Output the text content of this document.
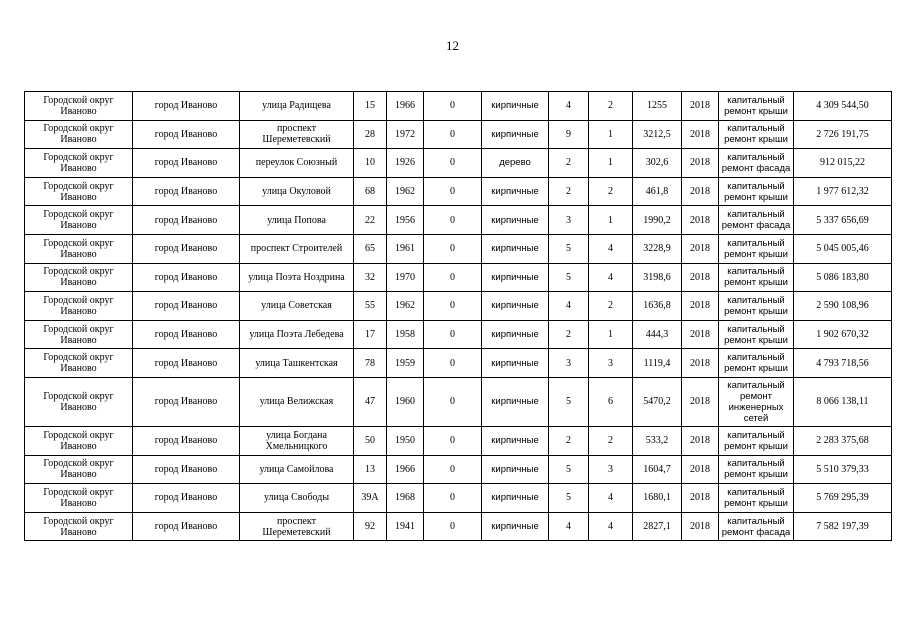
12
Городской округ Иваново	город Иваново	улица Радищева	15	1966	0	кирпичные	4	2	1255	2018	капитальный ремонт крыши	4 309 544,50
Городской округ Иваново	город Иваново	проспект Шереметевский	28	1972	0	кирпичные	9	1	3212,5	2018	капитальный ремонт крыши	2 726 191,75
Городской округ Иваново	город Иваново	переулок Союзный	10	1926	0	дерево	2	1	302,6	2018	капитальный ремонт фасада	912 015,22
Городской округ Иваново	город Иваново	улица Окуловой	68	1962	0	кирпичные	2	2	461,8	2018	капитальный ремонт крыши	1 977 612,32
Городской округ Иваново	город Иваново	улица Попова	22	1956	0	кирпичные	3	1	1990,2	2018	капитальный ремонт фасада	5 337 656,69
Городской округ Иваново	город Иваново	проспект Строителей	65	1961	0	кирпичные	5	4	3228,9	2018	капитальный ремонт крыши	5 045 005,46
Городской округ Иваново	город Иваново	улица Поэта Ноздрина	32	1970	0	кирпичные	5	4	3198,6	2018	капитальный ремонт крыши	5 086 183,80
Городской округ Иваново	город Иваново	улица Советская	55	1962	0	кирпичные	4	2	1636,8	2018	капитальный ремонт крыши	2 590 108,96
Городской округ Иваново	город Иваново	улица Поэта Лебедева	17	1958	0	кирпичные	2	1	444,3	2018	капитальный ремонт крыши	1 902 670,32
Городской округ Иваново	город Иваново	улица Ташкентская	78	1959	0	кирпичные	3	3	1119,4	2018	капитальный ремонт крыши	4 793 718,56
Городской округ Иваново	город Иваново	улица Велижская	47	1960	0	кирпичные	5	6	5470,2	2018	капитальный ремонт инженерных сетей	8 066 138,11
Городской округ Иваново	город Иваново	улица Богдана Хмельницкого	50	1950	0	кирпичные	2	2	533,2	2018	капитальный ремонт крыши	2 283 375,68
Городской округ Иваново	город Иваново	улица Самойлова	13	1966	0	кирпичные	5	3	1604,7	2018	капитальный ремонт крыши	5 510 379,33
Городской округ Иваново	город Иваново	улица Свободы	39А	1968	0	кирпичные	5	4	1680,1	2018	капитальный ремонт крыши	5 769 295,39
Городской округ Иваново	город Иваново	проспект Шереметевский	92	1941	0	кирпичные	4	4	2827,1	2018	капитальный ремонт фасада	7 582 197,39
